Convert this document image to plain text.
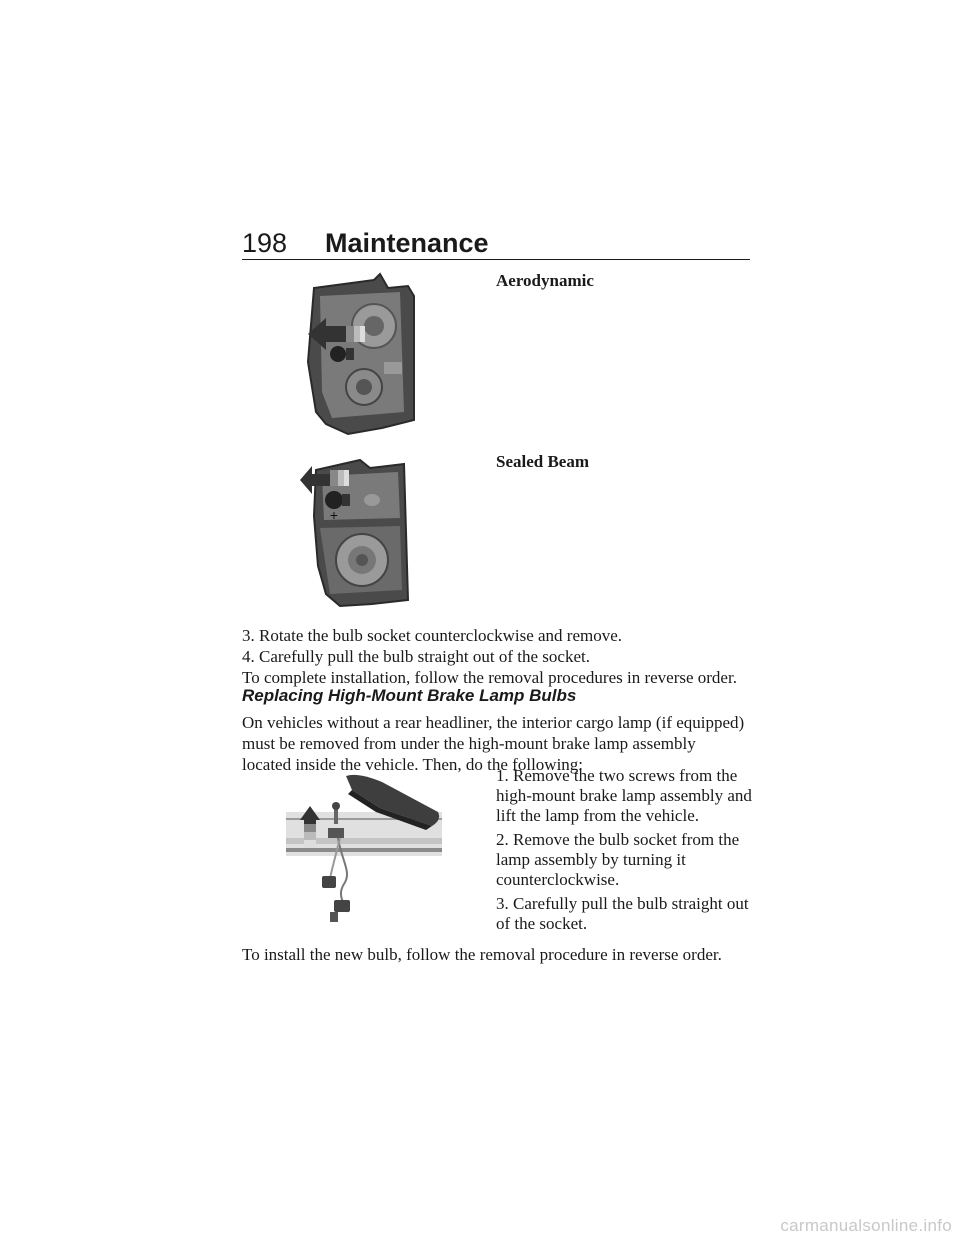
198 Maintenance
Aerodynamic
+
Sealed Beam
3. Rotate the bulb socket counterclockwise and remove.
4. Carefully pull the bulb straight out of the socket.
To complete installation, follow the removal procedures in reverse order.
Replacing High-Mount Brake Lamp Bulbs
On vehicles without a rear headliner, the interior cargo lamp (if equipped) must be removed from under the high-mount brake lamp assembly located inside the vehicle. Then, do the following:
1. Remove the two screws from the high-mount brake lamp assembly and lift the lamp from the vehicle.
2. Remove the bulb socket from the lamp assembly by turning it counterclockwise.
3. Carefully pull the bulb straight out of the socket.
To install the new bulb, follow the removal procedure in reverse order.
carmanualsonline.info
